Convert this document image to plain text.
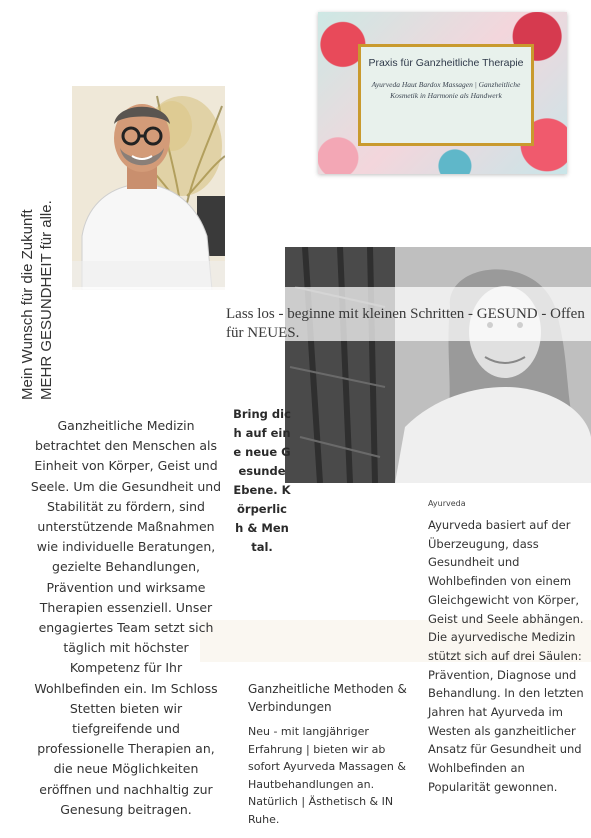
Praxis für Ganzheitliche Therapie
Ayurveda Haut Bardox Massagen | Ganzheitliche Kosmetik in Harmonie als Handwerk
Mein Wunsch für die Zukunft MEHR GESUNDHEIT für alle.	Lass los - beginne mit kleinen Schritten - GESUND - Offen für NEUES.
Bring dich auf eine neue Gesunde Ebene. Körperlich & Mental.
Ganzheitliche Medizin betrachtet den Menschen als Einheit von Körper, Geist und Seele. Um die Gesundheit und Stabilität zu fördern, sind unterstützende Maßnahmen wie individuelle Beratungen, gezielte Behandlungen, Prävention und wirksame Therapien essenziell. Unser engagiertes Team setzt sich täglich mit höchster Kompetenz für Ihr Wohlbefinden ein. Im Schloss Stetten bieten wir tiefgreifende und professionelle Therapien an, die neue Möglichkeiten eröffnen und nachhaltig zur Genesung beitragen.
Ayurveda
Ayurveda basiert auf der Überzeugung, dass Gesundheit und Wohlbefinden von einem Gleichgewicht von Körper, Geist und Seele abhängen. Die ayurvedische Medizin stützt sich auf drei Säulen: Prävention, Diagnose und Behandlung. In den letzten Jahren hat Ayurveda im Westen als ganzheitlicher Ansatz für Gesundheit und Wohlbefinden an Popularität gewonnen.
Ganzheitliche Methoden & Verbindungen
Neu - mit langjähriger Erfahrung | bieten wir ab sofort Ayurveda Massagen & Hautbehandlungen an. Natürlich | Ästhetisch & IN Ruhe.
